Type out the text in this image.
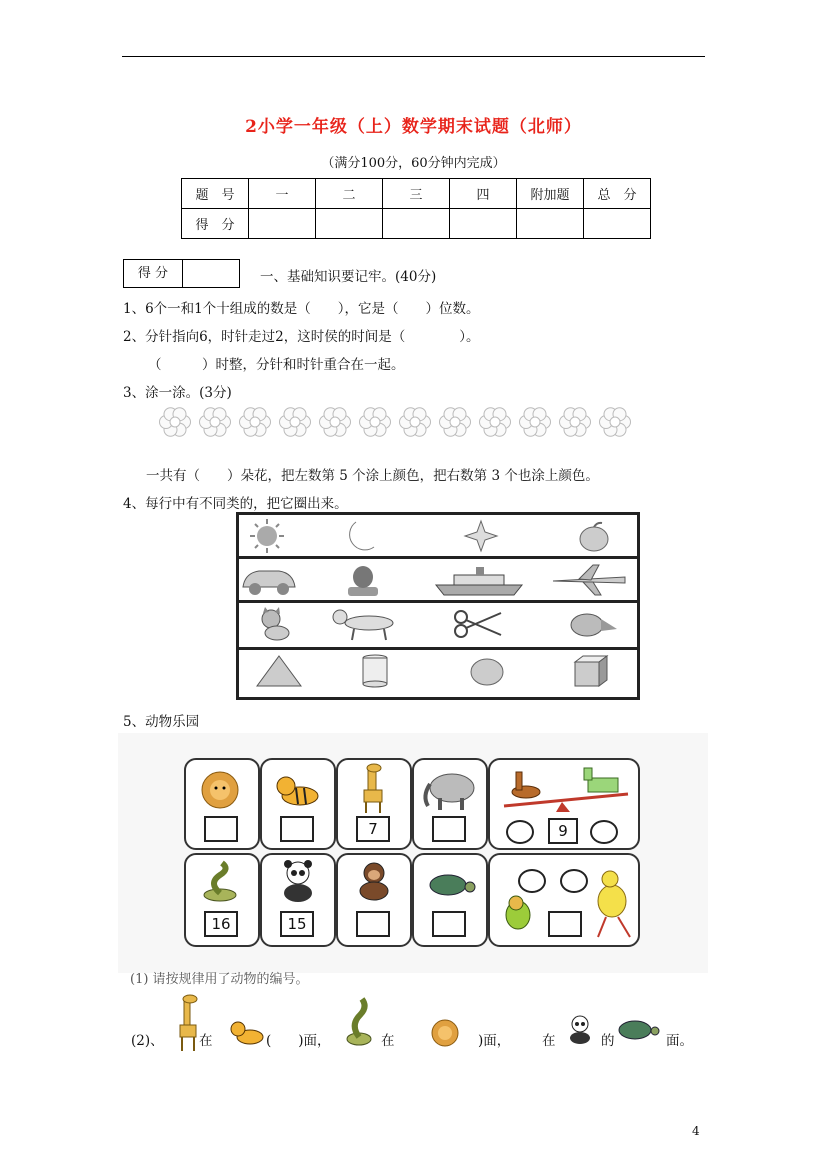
2小学一年级（上）数学期末试题（北师）
（满分100分，60分钟内完成）
题　号	一	二	三	四	附加题	总　分
得　分						
得 分	一、基础知识要记牢。(40分)
1、6个一和1个十组成的数是（　　），它是（　　）位数。
2、分针指向6，时针走过2，这时侯的时间是（　　　　）。
（　　　）时整，分针和时针重合在一起。
3、涂一涂。(3分)
一共有（　　）朵花，把左数第 5 个涂上颜色，把右数第 3 个也涂上颜色。
4、每行中有不同类的，把它圈出来。
5、动物乐园
7	9
16	15
(1) 请按规律用了动物的编号。
(2)、	在	(　　)面，	在	)面， 在	的	面。
4
